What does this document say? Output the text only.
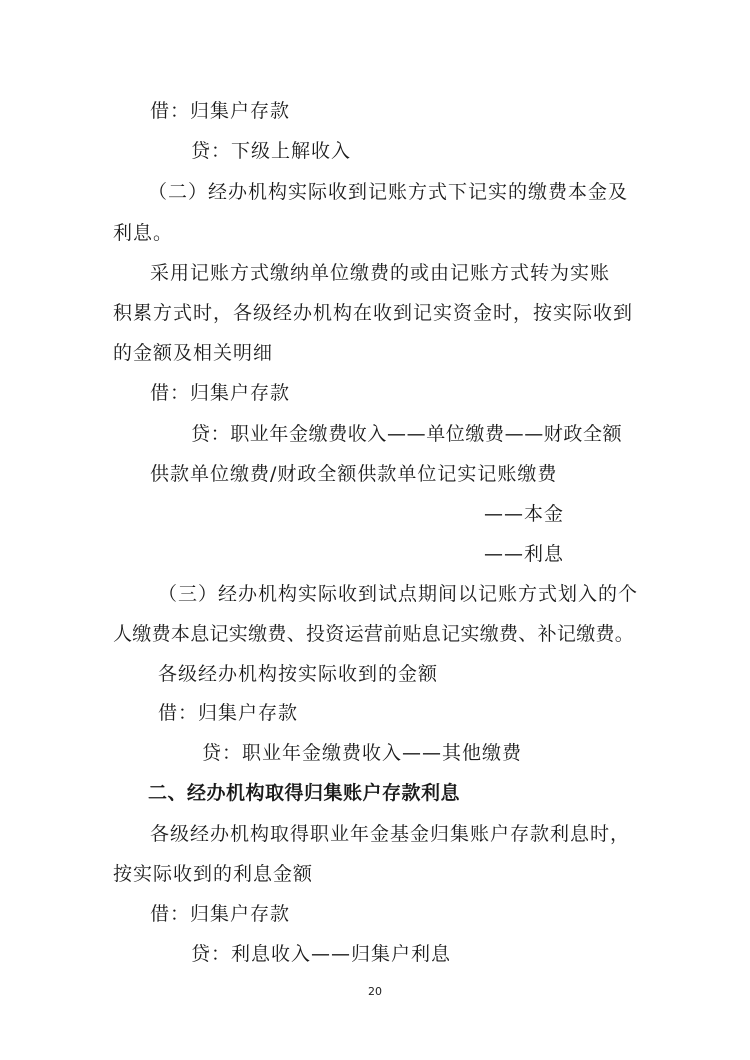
借：归集户存款
贷：下级上解收入
（二）经办机构实际收到记账方式下记实的缴费本金及
利息。
采用记账方式缴纳单位缴费的或由记账方式转为实账
积累方式时，各级经办机构在收到记实资金时，按实际收到
的金额及相关明细
借：归集户存款
贷：职业年金缴费收入——单位缴费——财政全额
供款单位缴费/财政全额供款单位记实记账缴费
——本金
——利息
（三）经办机构实际收到试点期间以记账方式划入的个
人缴费本息记实缴费、投资运营前贴息记实缴费、补记缴费。
各级经办机构按实际收到的金额
借：归集户存款
贷：职业年金缴费收入——其他缴费
二、经办机构取得归集账户存款利息
各级经办机构取得职业年金基金归集账户存款利息时，
按实际收到的利息金额
借：归集户存款
贷：利息收入——归集户利息
20
